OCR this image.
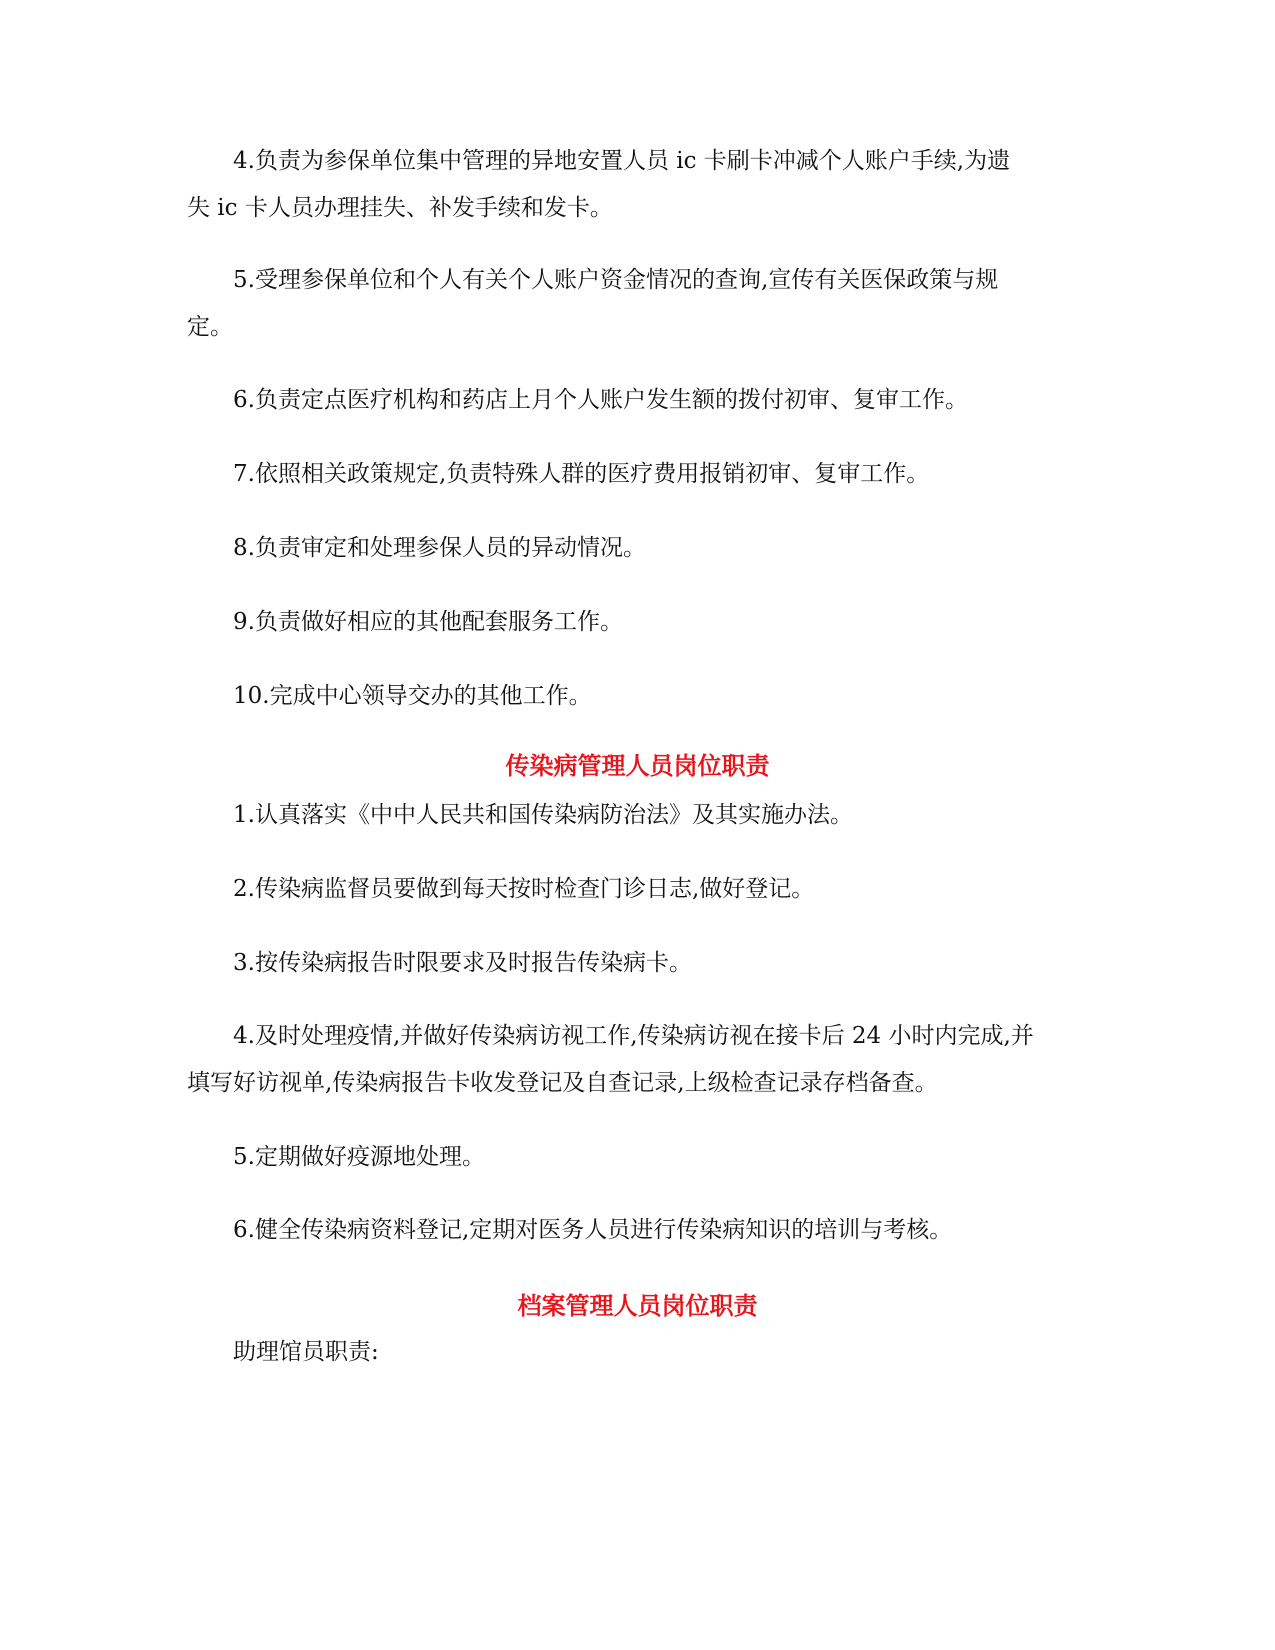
4.负责为参保单位集中管理的异地安置人员 ic 卡刷卡冲减个人账户手续,为遗
失 ic 卡人员办理挂失、补发手续和发卡。

5.受理参保单位和个人有关个人账户资金情况的查询,宣传有关医保政策与规
定。

6.负责定点医疗机构和药店上月个人账户发生额的拨付初审、复审工作。

7.依照相关政策规定,负责特殊人群的医疗费用报销初审、复审工作。

8.负责审定和处理参保人员的异动情况。

9.负责做好相应的其他配套服务工作。

10.完成中心领导交办的其他工作。

传染病管理人员岗位职责

1.认真落实《中中人民共和国传染病防治法》及其实施办法。

2.传染病监督员要做到每天按时检查门诊日志,做好登记。

3.按传染病报告时限要求及时报告传染病卡。

4.及时处理疫情,并做好传染病访视工作,传染病访视在接卡后 24 小时内完成,并
填写好访视单,传染病报告卡收发登记及自查记录,上级检查记录存档备查。

5.定期做好疫源地处理。

6.健全传染病资料登记,定期对医务人员进行传染病知识的培训与考核。

档案管理人员岗位职责

助理馆员职责:
